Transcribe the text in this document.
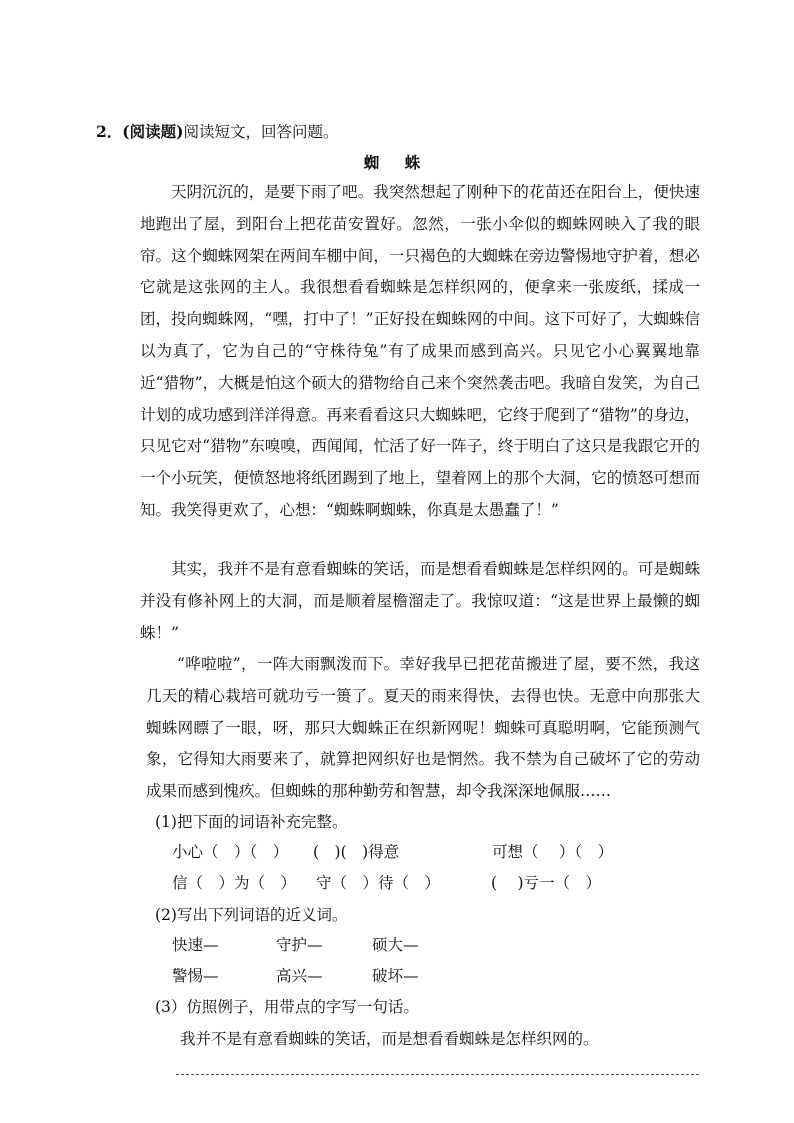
2．(阅读题)阅读短文，回答问题。
蜘 蛛

天阴沉沉的，是要下雨了吧。我突然想起了刚种下的花苗还在阳台上，便快速地跑出了屋，到阳台上把花苗安置好。忽然，一张小伞似的蜘蛛网映入了我的眼帘。这个蜘蛛网架在两间车棚中间，一只褐色的大蜘蛛在旁边警惕地守护着，想必它就是这张网的主人。我很想看看蜘蛛是怎样织网的，便拿来一张废纸，揉成一团，投向蜘蛛网，“嘿，打中了！”正好投在蜘蛛网的中间。这下可好了，大蜘蛛信以为真了，它为自己的“守株待兔”有了成果而感到高兴。只见它小心翼翼地靠近“猎物”，大概是怕这个硕大的猎物给自己来个突然袭击吧。我暗自发笑，为自己计划的成功感到洋洋得意。再来看看这只大蜘蛛吧，它终于爬到了“猎物”的身边，只见它对“猎物”东嗅嗅，西闻闻，忙活了好一阵子，终于明白了这只是我跟它开的一个小玩笑，便愤怒地将纸团踢到了地上，望着网上的那个大洞，它的愤怒可想而知。我笑得更欢了，心想：“蜘蛛啊蜘蛛，你真是太愚蠢了！”

其实，我并不是有意看蜘蛛的笑话，而是想看看蜘蛛是怎样织网的。可是蜘蛛并没有修补网上的大洞，而是顺着屋檐溜走了。我惊叹道：“这是世界上最懒的蜘蛛！”

“哗啦啦”，一阵大雨飘泼而下。幸好我早已把花苗搬进了屋，要不然，我这几天的精心栽培可就功亏一篑了。夏天的雨来得快，去得也快。无意中向那张大蜘蛛网瞟了一眼，呀，那只大蜘蛛正在织新网呢！蜘蛛可真聪明啊，它能预测气象，它得知大雨要来了，就算把网织好也是惘然。我不禁为自己破坏了它的劳动成果而感到愧疚。但蜘蛛的那种勤劳和智慧，却令我深深地佩服……

(1)把下面的词语补充完整。
小心（　）（　） (　)(　)得意	可想（　 ）（　）
信（　）为（　） 守（　）待（　）	(　 )亏一（　）
(2)写出下列词语的近义词。
快速—	守护—	硕大—
警惕—	高兴—	破坏—
(3）仿照例子，用带点的字写一句话。
我并不是有意看蜘蛛的笑话，而是想看看蜘蛛是怎样织网的。
